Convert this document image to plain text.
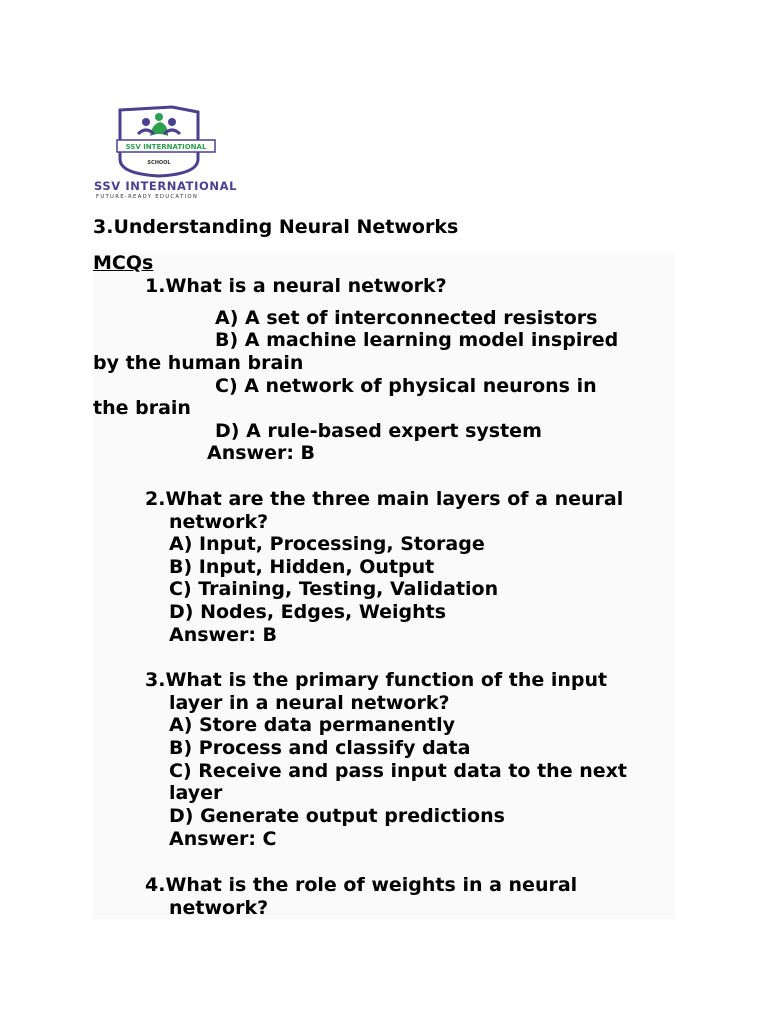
SSV INTERNATIONAL
SCHOOL
SSV INTERNATIONAL
FUTURE-READY EDUCATION
3.Understanding Neural Networks
MCQs
1.What is a neural network?
A) A set of interconnected resistors
B) A machine learning model inspired
by the human brain
C) A network of physical neurons in
the brain
D) A rule-based expert system
Answer: B
2.What are the three main layers of a neural
network?
A) Input, Processing, Storage
B) Input, Hidden, Output
C) Training, Testing, Validation
D) Nodes, Edges, Weights
Answer: B
3.What is the primary function of the input
layer in a neural network?
A) Store data permanently
B) Process and classify data
C) Receive and pass input data to the next
layer
D) Generate output predictions
Answer: C
4.What is the role of weights in a neural
network?
